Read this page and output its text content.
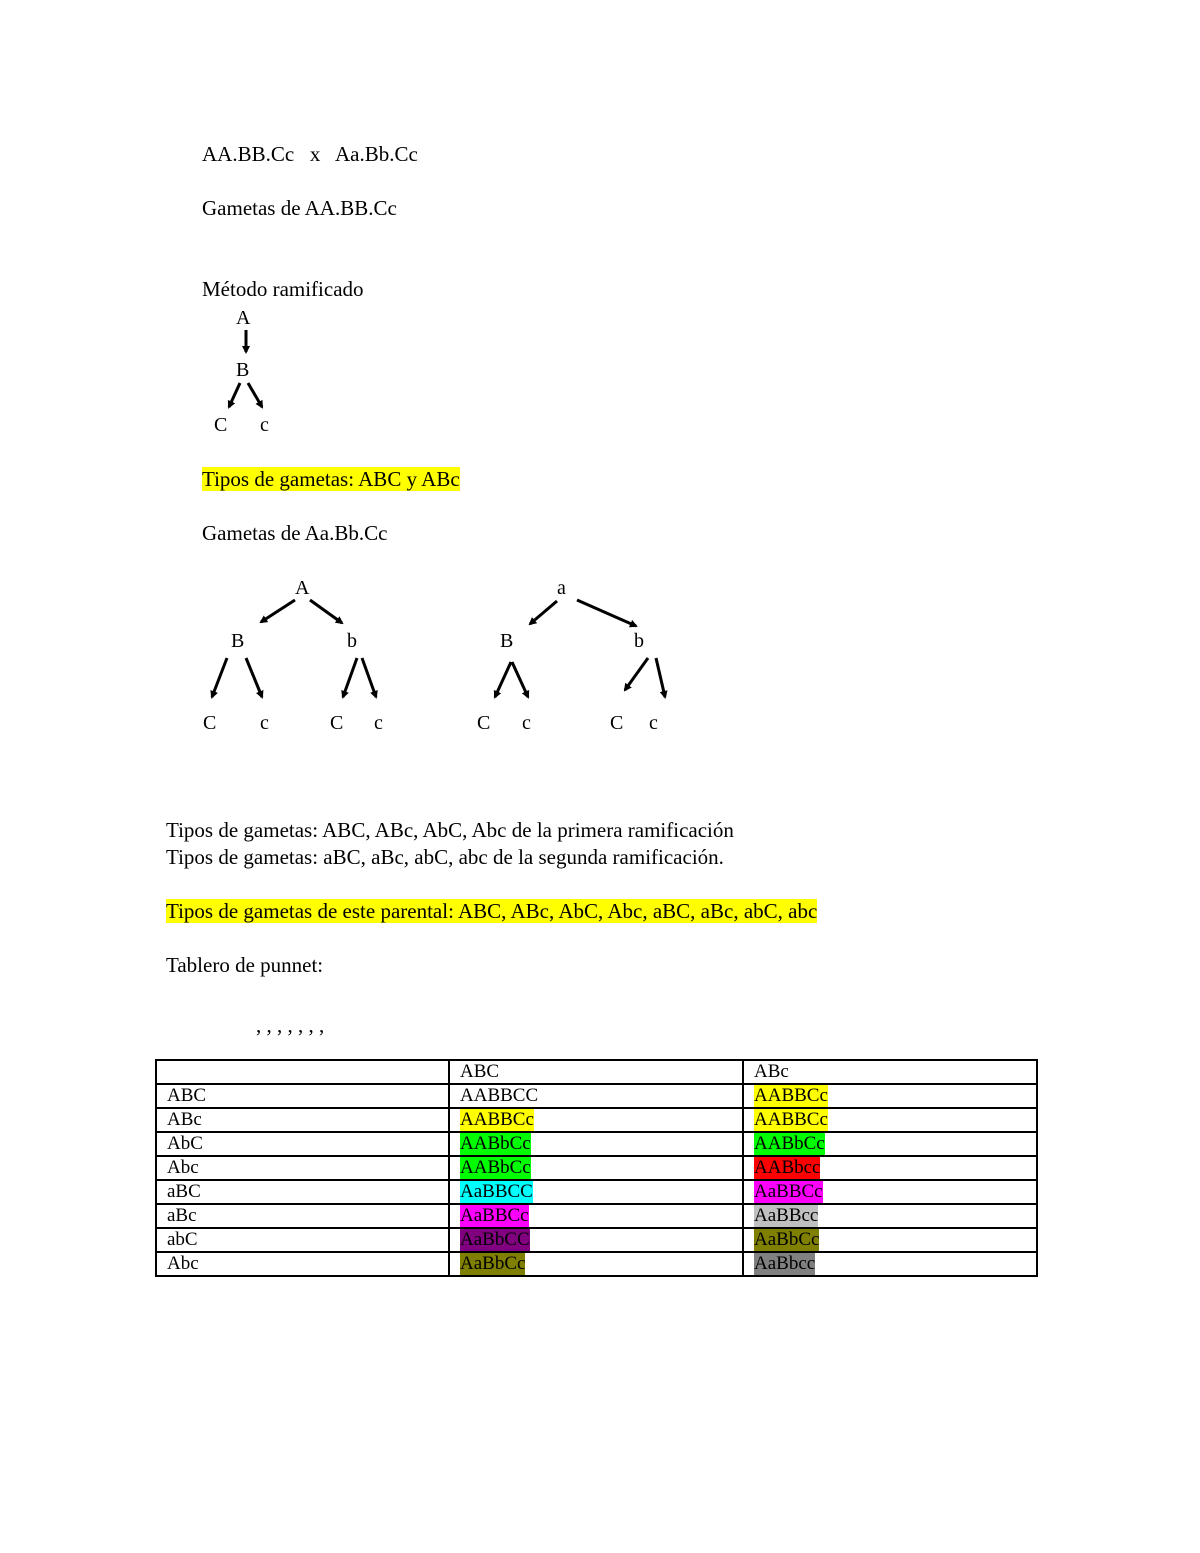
AA.BB.Cc   x   Aa.Bb.Cc
Gametas de AA.BB.Cc
Método ramificado
A
B
C c
Tipos de gametas: ABC y ABc
Gametas de Aa.Bb.Cc
A
B	b
C c	C c
a
B	b
C c	C c
Tipos de gametas: ABC, ABc, AbC, Abc de la primera ramificación
Tipos de gametas: aBC, aBc, abC, abc de la segunda ramificación.
Tipos de gametas de este parental: ABC, ABc, AbC, Abc, aBC, aBc, abC, abc
Tablero de punnet:
, , , , , , ,
	ABC	ABc
ABC	AABBCC	AABBCc
ABc	AABBCc	AABBCc
AbC	AABbCc	AABbCc
Abc	AABbCc	AABbcc
aBC	AaBBCC	AaBBCc
aBc	AaBBCc	AaBBcc
abC	AaBbCC	AaBbCc
Abc	AaBbCc	AaBbcc
